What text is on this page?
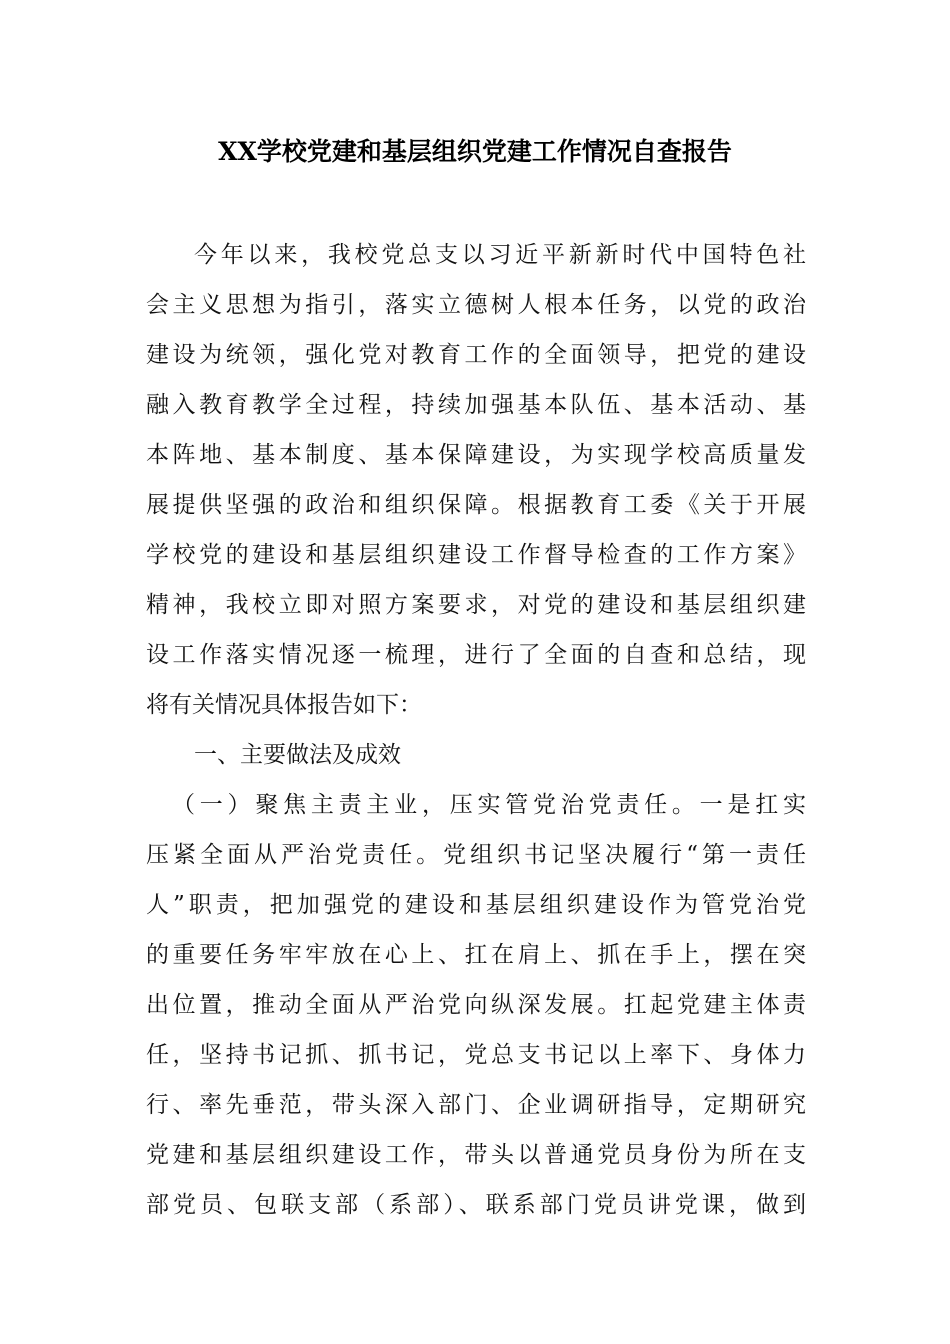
XX学校党建和基层组织党建工作情况自查报告
今年以来，我校党总支以习近平新新时代中国特色社
会主义思想为指引，落实立德树人根本任务，以党的政治
建设为统领，强化党对教育工作的全面领导，把党的建设
融入教育教学全过程，持续加强基本队伍、基本活动、基
本阵地、基本制度、基本保障建设，为实现学校高质量发
展提供坚强的政治和组织保障。根据教育工委《关于开展
学校党的建设和基层组织建设工作督导检查的工作方案》
精神，我校立即对照方案要求，对党的建设和基层组织建
设工作落实情况逐一梳理，进行了全面的自查和总结，现
将有关情况具体报告如下：
一、主要做法及成效
（一）聚焦主责主业，压实管党治党责任。一是扛实
压紧全面从严治党责任。党组织书记坚决履行“第一责任
人”职责，把加强党的建设和基层组织建设作为管党治党
的重要任务牢牢放在心上、扛在肩上、抓在手上，摆在突
出位置，推动全面从严治党向纵深发展。扛起党建主体责
任，坚持书记抓、抓书记，党总支书记以上率下、身体力
行、率先垂范，带头深入部门、企业调研指导，定期研究
党建和基层组织建设工作，带头以普通党员身份为所在支
部党员、包联支部（系部）、联系部门党员讲党课，做到
